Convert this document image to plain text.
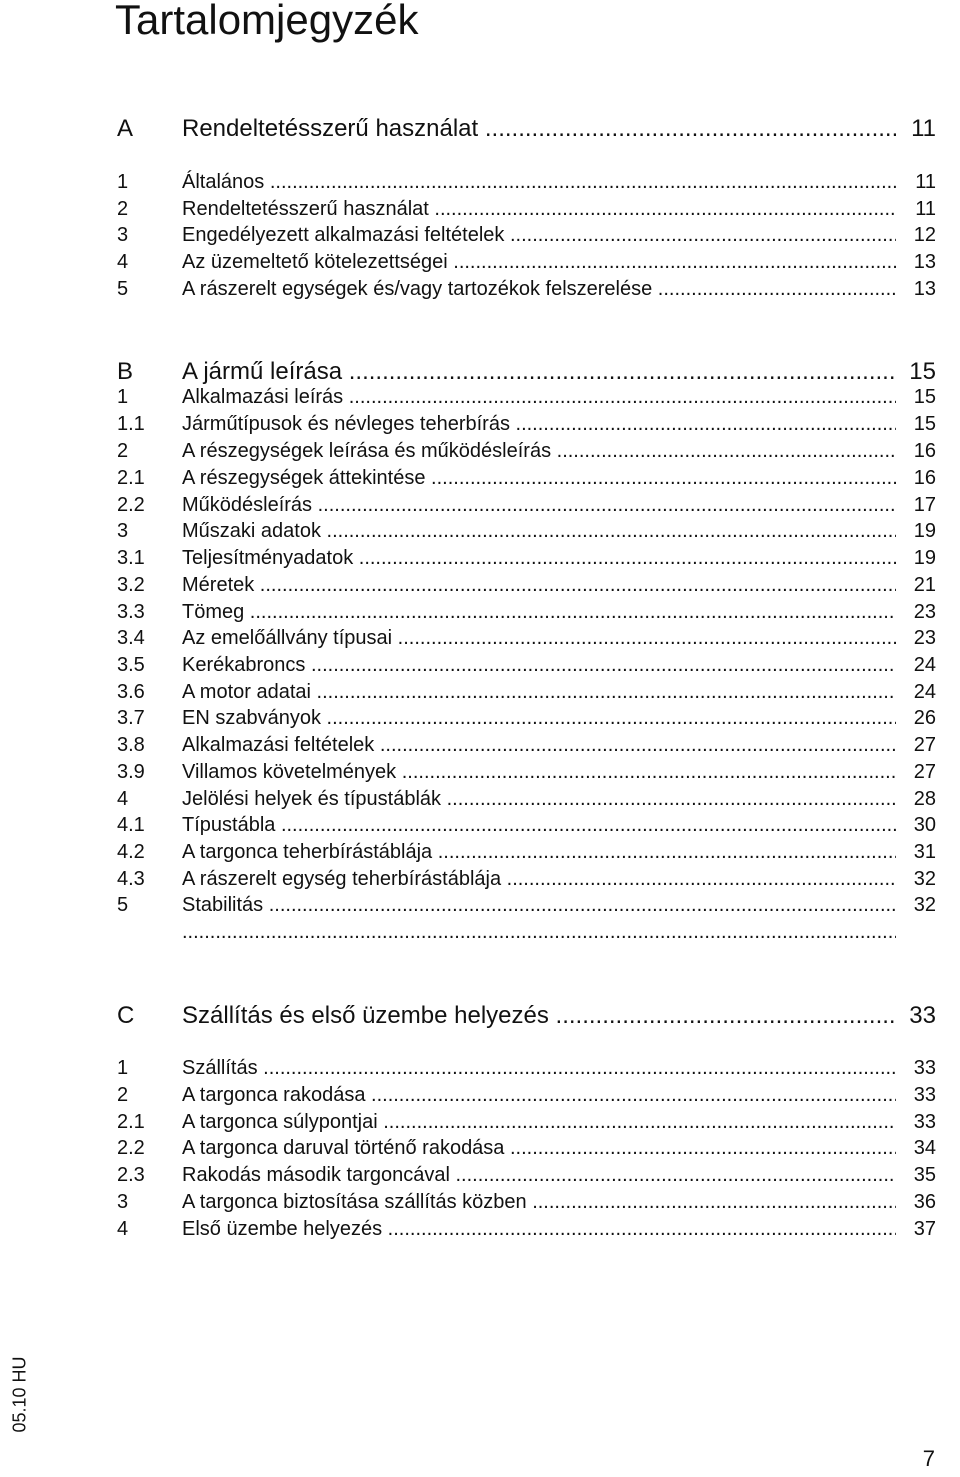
Tartalomjegyzék
A Rendeltetésszerű használat .....	11
1	Általános .....	11
2	Rendeltetésszerű használat .....	11
3	Engedélyezett alkalmazási feltételek .....	12
4	Az üzemeltető kötelezettségei .....	13
5	A rászerelt egységek és/vagy tartozékok felszerelése .....	13
B A jármű leírása .....	15
1	Alkalmazási leírás .....	15
1.1 Járműtípusok és névleges teherbírás .....	15
2	A részegységek leírása és működésleírás .....	16
2.1 A részegységek áttekintése .....	16
2.2 Működésleírás .....	17
3	Műszaki adatok .....	19
3.1 Teljesítményadatok .....	19
3.2 Méretek .....	21
3.3 Tömeg .....	23
3.4 Az emelőállvány típusai .....	23
3.5 Kerékabroncs .....	24
3.6 A motor adatai .....	24
3.7 EN szabványok .....	26
3.8 Alkalmazási feltételek .....	27
3.9 Villamos követelmények .....	27
4	Jelölési helyek és típustáblák .....	28
4.1 Típustábla .....	30
4.2 A targonca teherbírástáblája .....	31
4.3 A rászerelt egység teherbírástáblája .....	32
5	Stabilitás .....	32
.....
C Szállítás és első üzembe helyezés .....	33
1	Szállítás .....	33
2	A targonca rakodása .....	33
2.1 A targonca súlypontjai .....	33
2.2 A targonca daruval történő rakodása .....	34
2.3 Rakodás második targoncával .....	35
3	A targonca biztosítása szállítás közben .....	36
4	Első üzembe helyezés .....	37
05.10 HU
7
